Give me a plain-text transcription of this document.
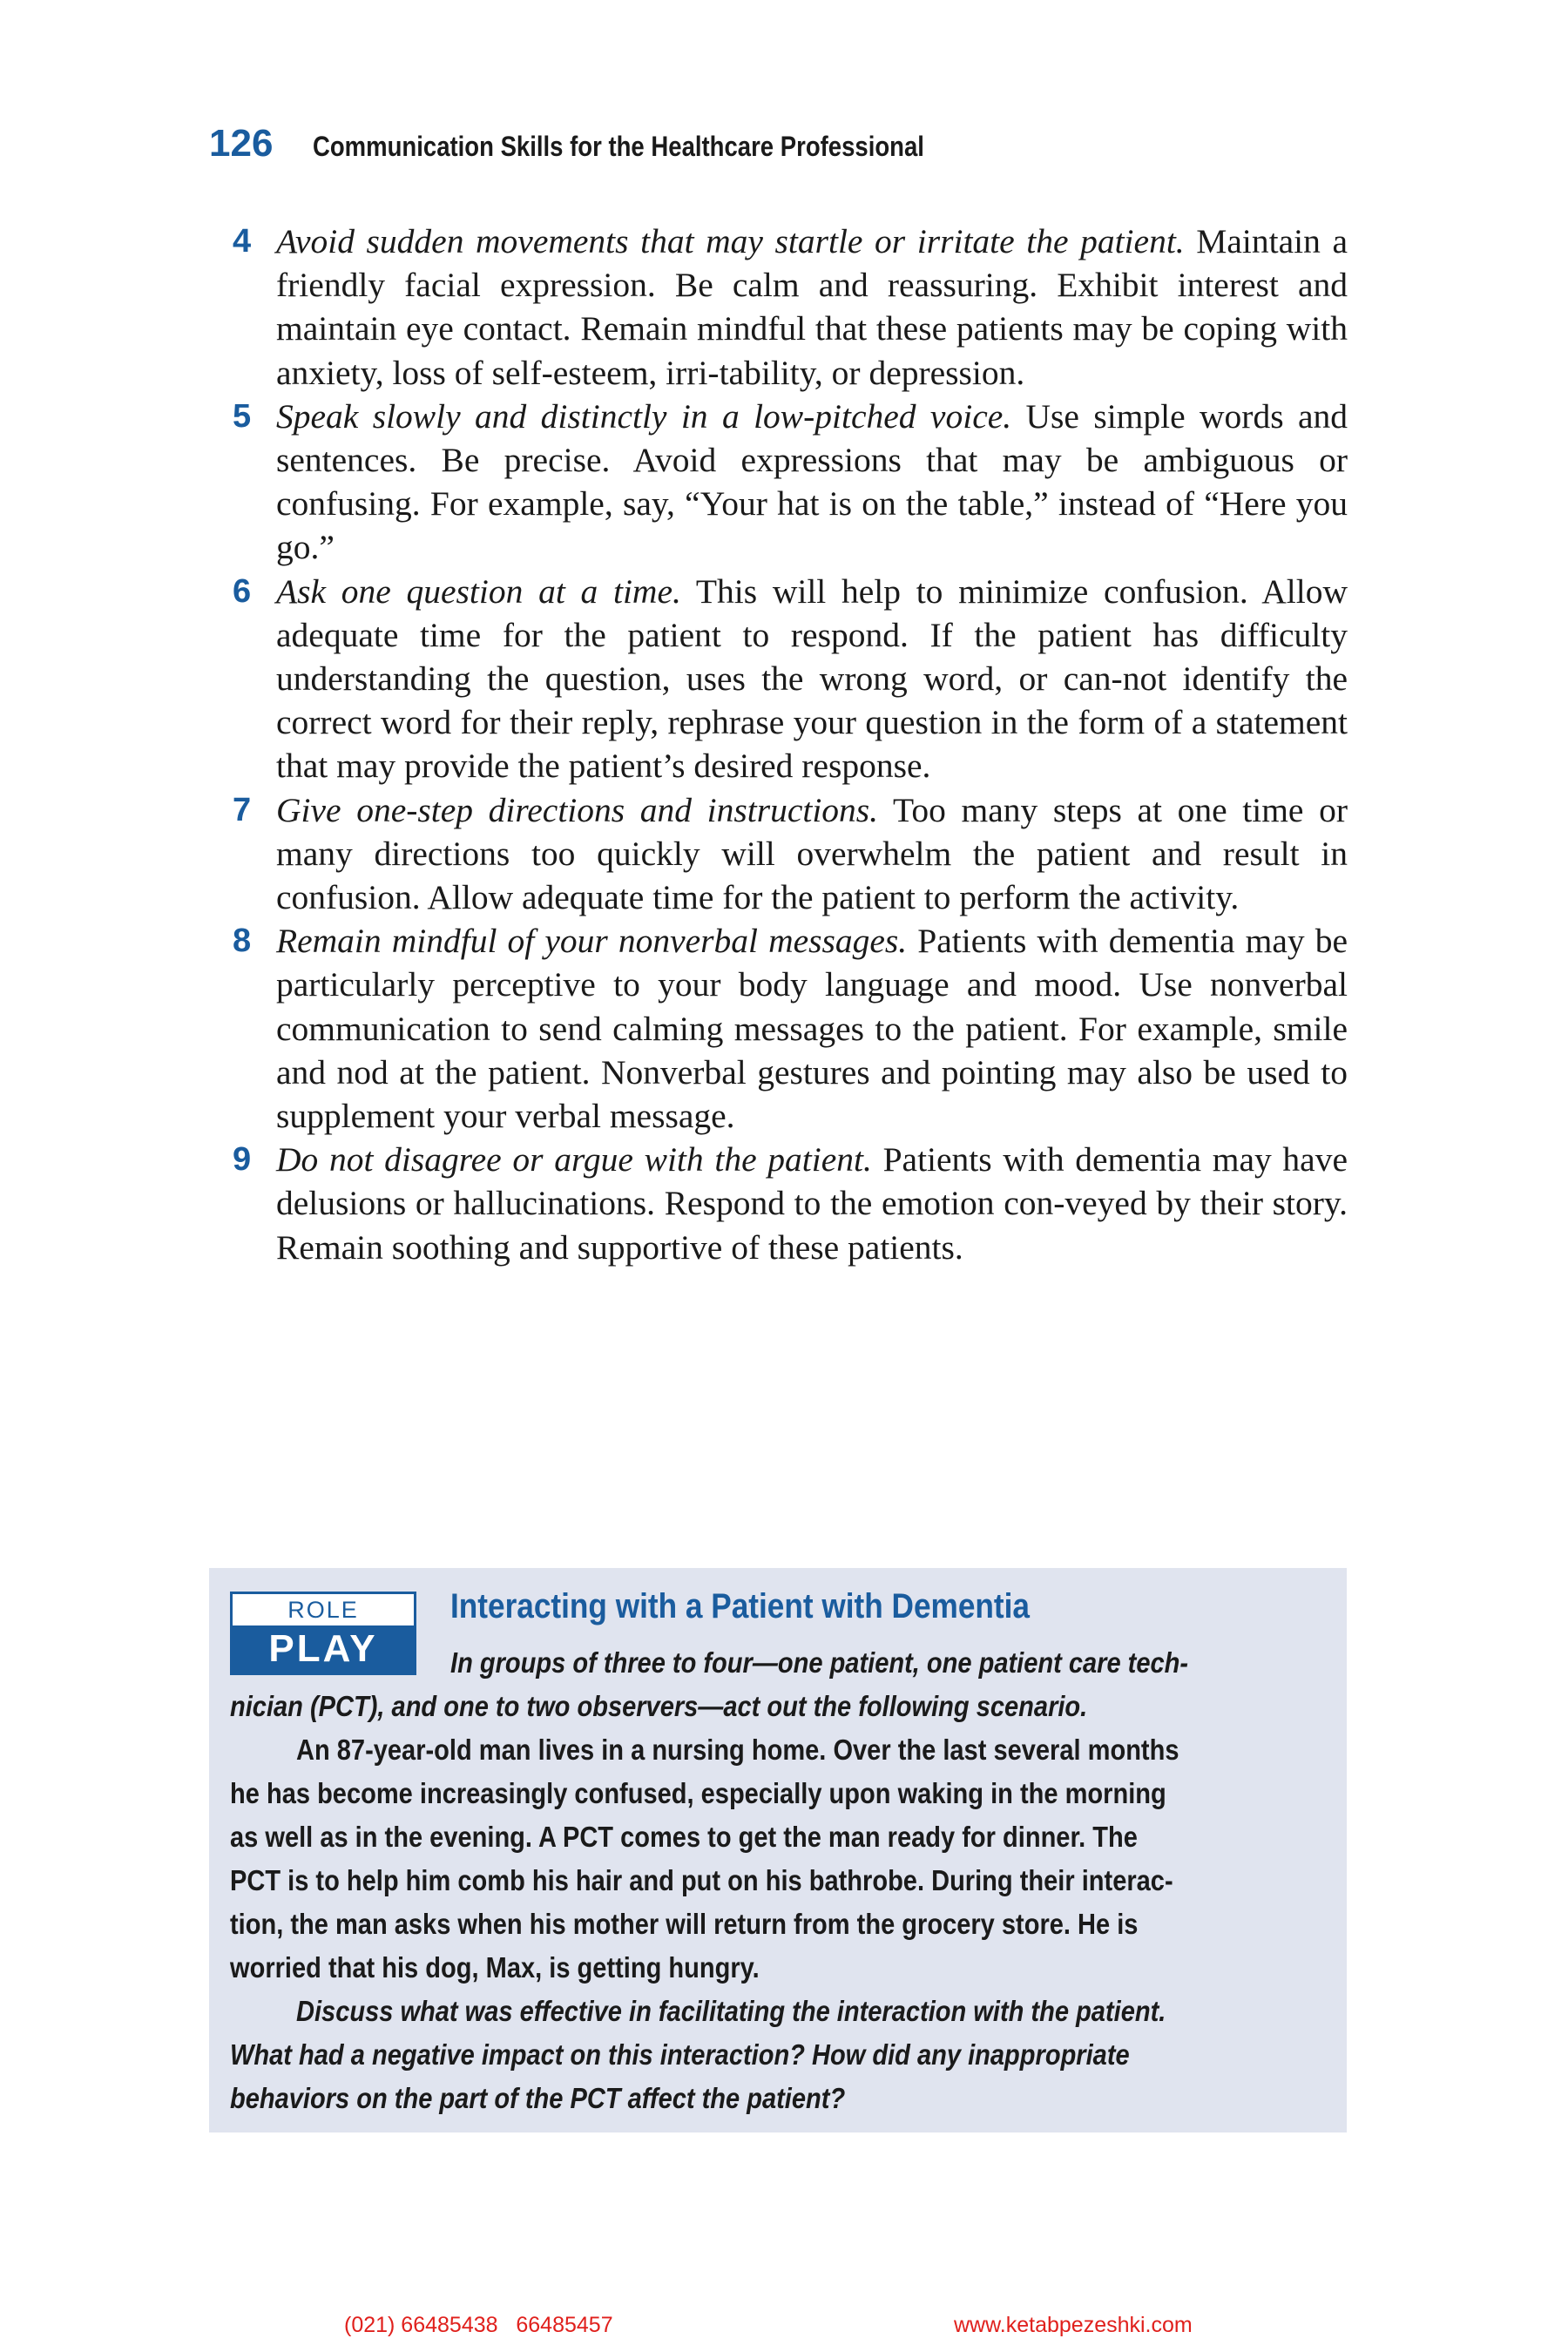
126 Communication Skills for the Healthcare Professional
4 Avoid sudden movements that may startle or irritate the patient. Maintain a friendly facial expression. Be calm and reassuring. Exhibit interest and maintain eye contact. Remain mindful that these patients may be coping with anxiety, loss of self-esteem, irri-tability, or depression.
5 Speak slowly and distinctly in a low-pitched voice. Use simple words and sentences. Be precise. Avoid expressions that may be ambiguous or confusing. For example, say, “Your hat is on the table,” instead of “Here you go.”
6 Ask one question at a time. This will help to minimize confusion. Allow adequate time for the patient to respond. If the patient has difficulty understanding the question, uses the wrong word, or can-not identify the correct word for their reply, rephrase your question in the form of a statement that may provide the patient’s desired response.
7 Give one-step directions and instructions. Too many steps at one time or many directions too quickly will overwhelm the patient and result in confusion. Allow adequate time for the patient to perform the activity.
8 Remain mindful of your nonverbal messages. Patients with dementia may be particularly perceptive to your body language and mood. Use nonverbal communication to send calming messages to the patient. For example, smile and nod at the patient. Nonverbal gestures and pointing may also be used to supplement your verbal message.
9 Do not disagree or argue with the patient. Patients with dementia may have delusions or hallucinations. Respond to the emotion con-veyed by their story. Remain soothing and supportive of these patients.
ROLE
PLAY
Interacting with a Patient with Dementia
In groups of three to four—one patient, one patient care tech-
nician (PCT), and one to two observers—act out the following scenario.
An 87-year-old man lives in a nursing home. Over the last several months
he has become increasingly confused, especially upon waking in the morning
as well as in the evening. A PCT comes to get the man ready for dinner. The
PCT is to help him comb his hair and put on his bathrobe. During their interac-
tion, the man asks when his mother will return from the grocery store. He is
worried that his dog, Max, is getting hungry.
Discuss what was effective in facilitating the interaction with the patient.
What had a negative impact on this interaction? How did any inappropriate
behaviors on the part of the PCT affect the patient?
(021) 66485438   66485457	www.ketabpezeshki.com
